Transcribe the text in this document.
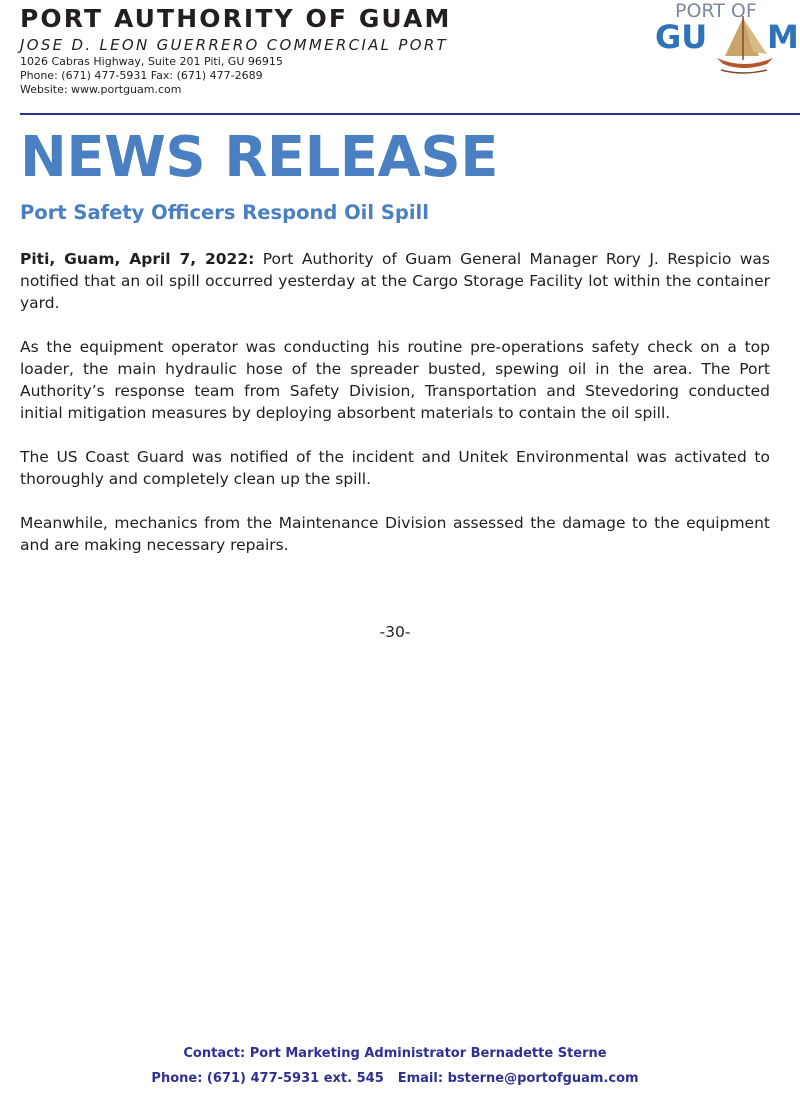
PORT AUTHORITY OF GUAM
JOSE D. LEON GUERRERO COMMERCIAL PORT
1026 Cabras Highway, Suite 201 Piti, GU 96915
Phone: (671) 477-5931 Fax: (671) 477-2689
Website: www.portguam.com
PORT OF
GU M
NEWS RELEASE
Port Safety Officers Respond Oil Spill

Piti, Guam, April 7, 2022: Port Authority of Guam General Manager Rory J. Respicio was notified that an oil spill occurred yesterday at the Cargo Storage Facility lot within the container yard.

As the equipment operator was conducting his routine pre-operations safety check on a top loader, the main hydraulic hose of the spreader busted, spewing oil in the area. The Port Authority’s response team from Safety Division, Transportation and Stevedoring conducted initial mitigation measures by deploying absorbent materials to contain the oil spill.

The US Coast Guard was notified of the incident and Unitek Environmental was activated to thoroughly and completely clean up the spill.

Meanwhile, mechanics from the Maintenance Division assessed the damage to the equipment and are making necessary repairs.

-30-
Contact: Port Marketing Administrator Bernadette Sterne
Phone: (671) 477-5931 ext. 545 Email: bsterne@portofguam.com
